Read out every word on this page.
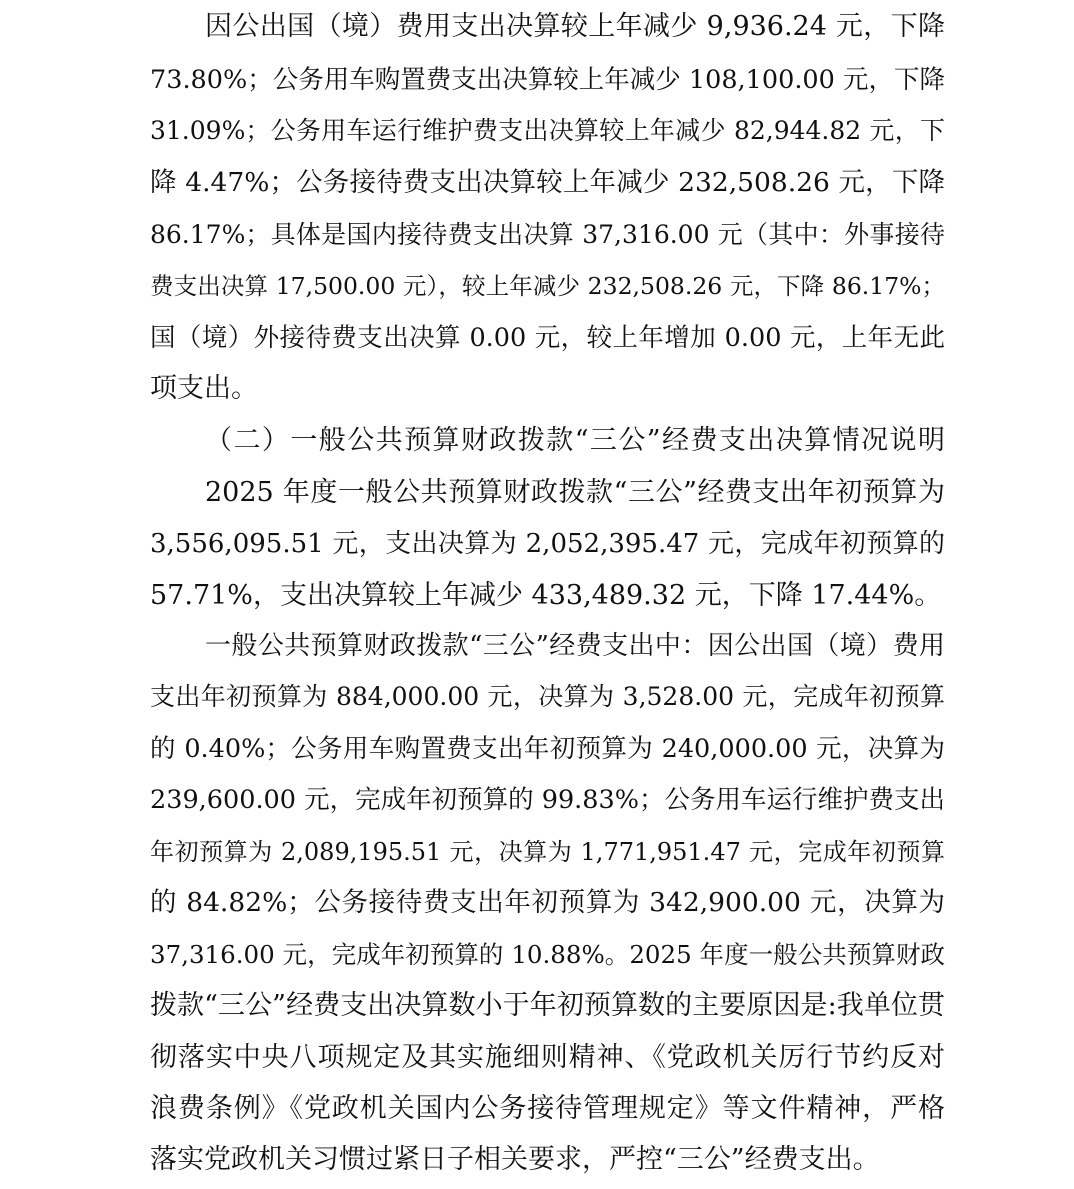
因公出国（境）费用支出决算较上年减少 9,936.24 元，下降
73.80%；公务用车购置费支出决算较上年减少 108,100.00 元，下降
31.09%；公务用车运行维护费支出决算较上年减少 82,944.82 元，下
降 4.47%；公务接待费支出决算较上年减少 232,508.26 元，下降
86.17%；具体是国内接待费支出决算 37,316.00 元（其中：外事接待
费支出决算 17,500.00 元），较上年减少 232,508.26 元，下降 86.17%；
国（境）外接待费支出决算 0.00 元，较上年增加 0.00 元，上年无此
项支出。
（二）一般公共预算财政拨款“三公”经费支出决算情况说明
2025 年度一般公共预算财政拨款“三公”经费支出年初预算为
3,556,095.51 元，支出决算为 2,052,395.47 元，完成年初预算的
57.71%，支出决算较上年减少 433,489.32 元，下降 17.44%。
一般公共预算财政拨款“三公”经费支出中：因公出国（境）费用
支出年初预算为 884,000.00 元，决算为 3,528.00 元，完成年初预算
的 0.40%；公务用车购置费支出年初预算为 240,000.00 元，决算为
239,600.00 元，完成年初预算的 99.83%；公务用车运行维护费支出
年初预算为 2,089,195.51 元，决算为 1,771,951.47 元，完成年初预算
的 84.82%；公务接待费支出年初预算为 342,900.00 元，决算为
37,316.00 元，完成年初预算的 10.88%。2025 年度一般公共预算财政
拨款“三公”经费支出决算数小于年初预算数的主要原因是:我单位贯
彻落实中央八项规定及其实施细则精神、《党政机关厉行节约反对
浪费条例》《党政机关国内公务接待管理规定》等文件精神，严格
落实党政机关习惯过紧日子相关要求，严控“三公”经费支出。
